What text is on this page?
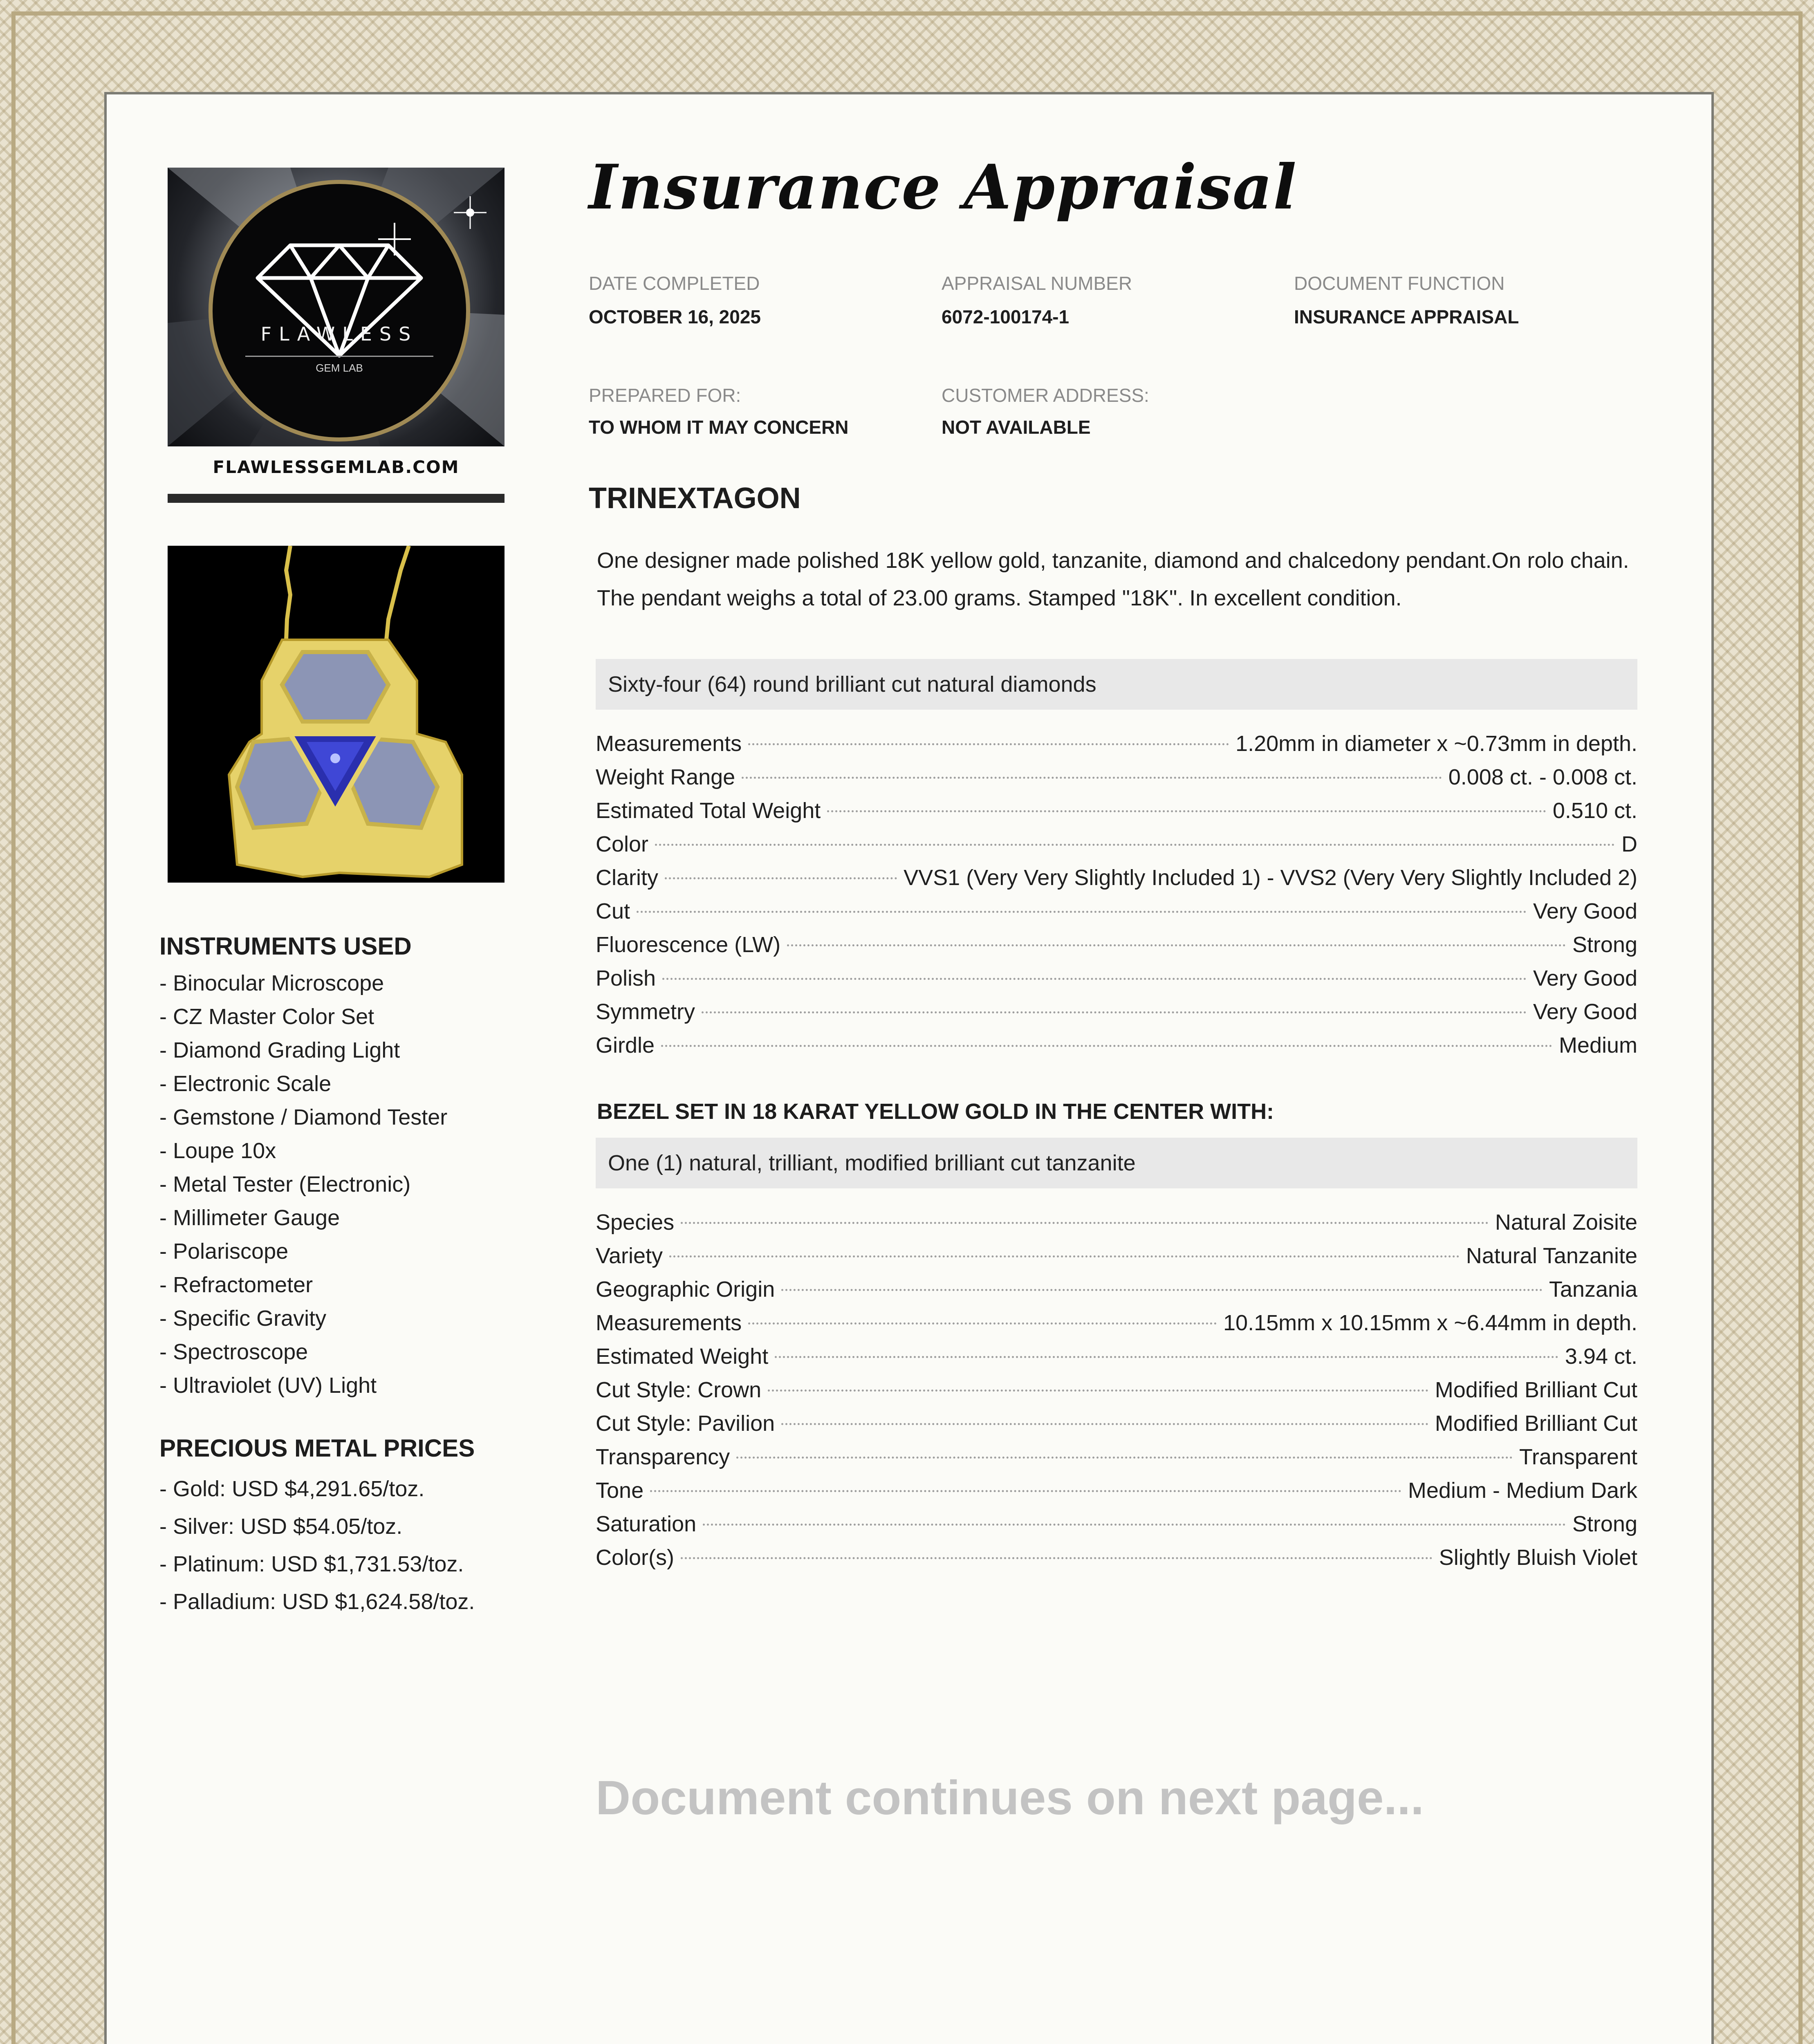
FLAWLESS
GEM LAB
FLAWLESSGEMLAB.COM
INSTRUMENTS USED
- Binocular Microscope
- CZ Master Color Set
- Diamond Grading Light
- Electronic Scale
- Gemstone / Diamond Tester
- Loupe 10x
- Metal Tester (Electronic)
- Millimeter Gauge
- Polariscope
- Refractometer
- Specific Gravity
- Spectroscope
- Ultraviolet (UV) Light
PRECIOUS METAL PRICES
- Gold: USD $4,291.65/toz.
- Silver: USD $54.05/toz.
- Platinum: USD $1,731.53/toz.
- Palladium: USD $1,624.58/toz.
Insurance Appraisal
DATE COMPLETED
OCTOBER 16, 2025
APPRAISAL NUMBER
6072-100174-1
DOCUMENT FUNCTION
INSURANCE APPRAISAL
PREPARED FOR:
TO WHOM IT MAY CONCERN
CUSTOMER ADDRESS:
NOT AVAILABLE
TRINEXTAGON
One designer made polished 18K yellow gold, tanzanite, diamond and chalcedony pendant.On rolo chain. The pendant weighs a total of 23.00 grams. Stamped "18K". In excellent condition.
Sixty-four (64) round brilliant cut natural diamonds
Measurements	1.20mm in diameter x ~0.73mm in depth.
Weight Range	0.008 ct. - 0.008 ct.
Estimated Total Weight	0.510 ct.
Color	D
Clarity	VVS1 (Very Very Slightly Included 1) - VVS2 (Very Very Slightly Included 2)
Cut	Very Good
Fluorescence (LW)	Strong
Polish	Very Good
Symmetry	Very Good
Girdle	Medium
BEZEL SET IN 18 KARAT YELLOW GOLD IN THE CENTER WITH:
One (1) natural, trilliant, modified brilliant cut tanzanite
Species	Natural Zoisite
Variety	Natural Tanzanite
Geographic Origin	Tanzania
Measurements	10.15mm x 10.15mm x ~6.44mm in depth.
Estimated Weight	3.94 ct.
Cut Style: Crown	Modified Brilliant Cut
Cut Style: Pavilion	Modified Brilliant Cut
Transparency	Transparent
Tone	Medium - Medium Dark
Saturation	Strong
Color(s)	Slightly Bluish Violet
Document continues on next page...
